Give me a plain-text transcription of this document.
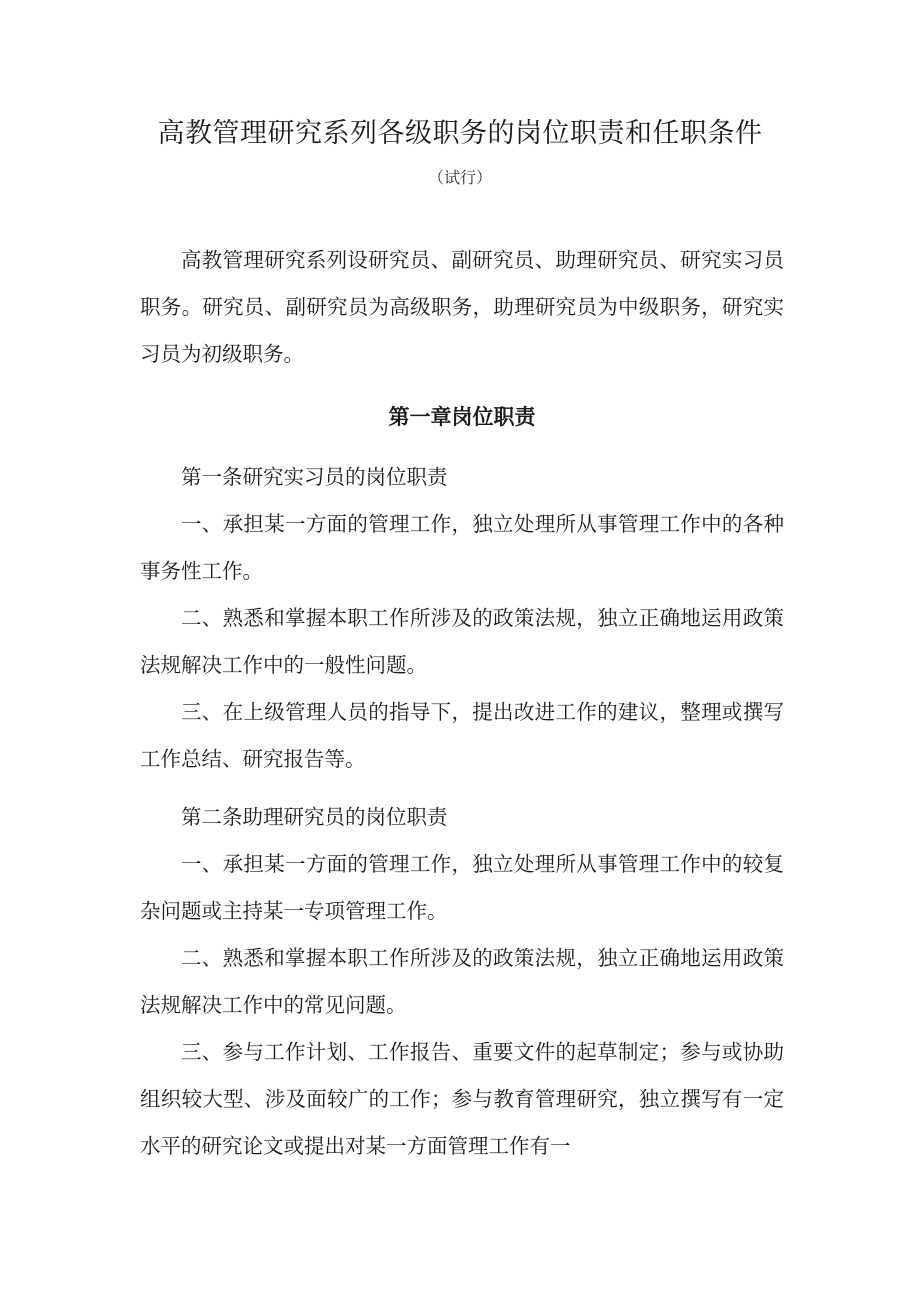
高教管理研究系列各级职务的岗位职责和任职条件
（试行）

高教管理研究系列设研究员、副研究员、助理研究员、研究实习员职务。研究员、副研究员为高级职务，助理研究员为中级职务，研究实习员为初级职务。

第一章岗位职责

第一条研究实习员的岗位职责

一、承担某一方面的管理工作，独立处理所从事管理工作中的各种事务性工作。

二、熟悉和掌握本职工作所涉及的政策法规，独立正确地运用政策法规解决工作中的一般性问题。

三、在上级管理人员的指导下，提出改进工作的建议，整理或撰写工作总结、研究报告等。

第二条助理研究员的岗位职责

一、承担某一方面的管理工作，独立处理所从事管理工作中的较复杂问题或主持某一专项管理工作。

二、熟悉和掌握本职工作所涉及的政策法规，独立正确地运用政策法规解决工作中的常见问题。

三、参与工作计划、工作报告、重要文件的起草制定；参与或协助组织较大型、涉及面较广的工作；参与教育管理研究，独立撰写有一定水平的研究论文或提出对某一方面管理工作有一
